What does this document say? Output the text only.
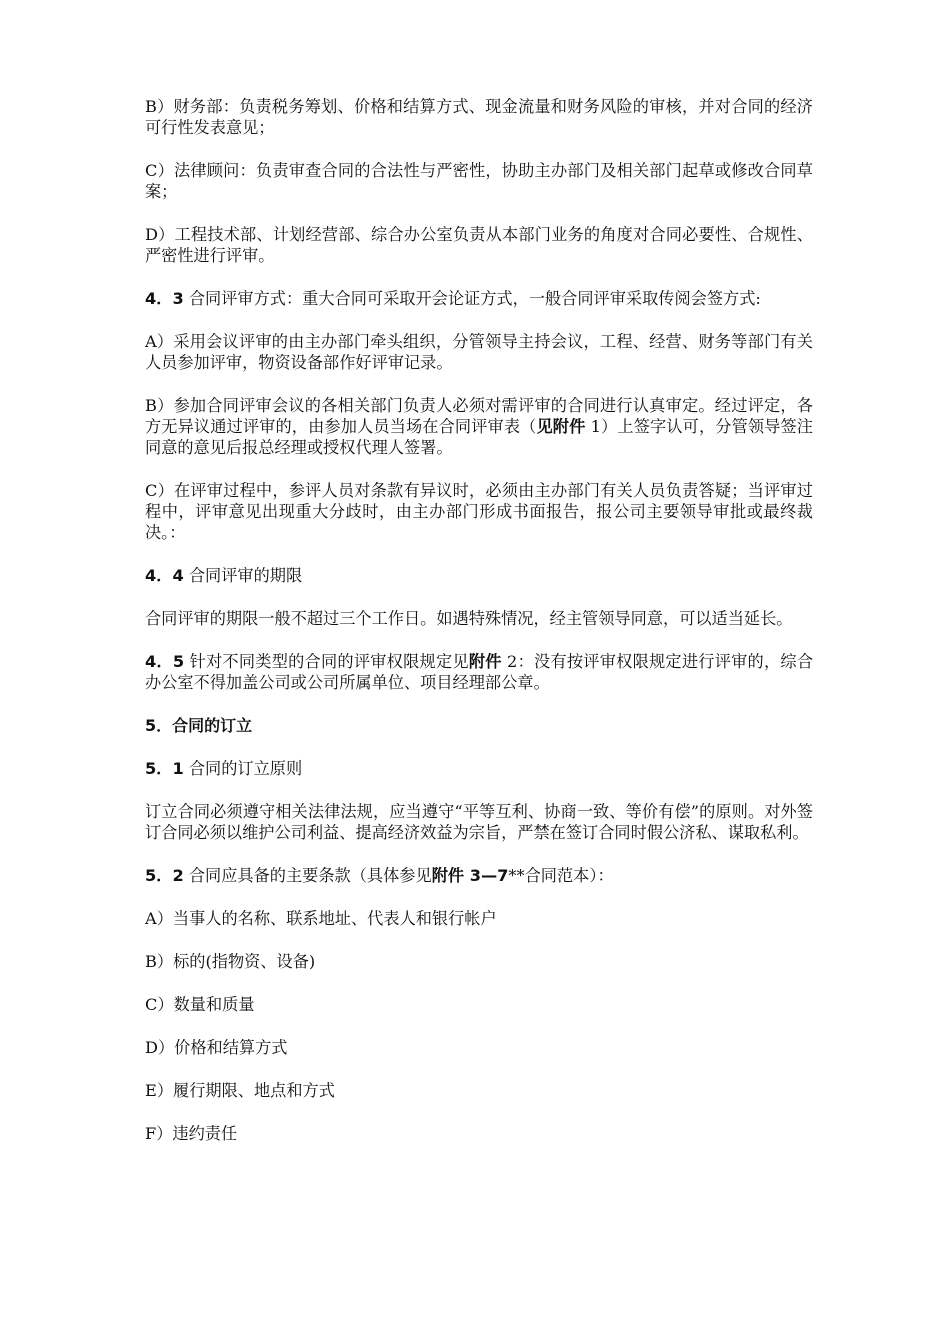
B）财务部：负责税务筹划、价格和结算方式、现金流量和财务风险的审核，并对合同的经济可行性发表意见；

C）法律顾问：负责审查合同的合法性与严密性，协助主办部门及相关部门起草或修改合同草案；

D）工程技术部、计划经营部、综合办公室负责从本部门业务的角度对合同必要性、合规性、严密性进行评审。

4．3 合同评审方式：重大合同可采取开会论证方式，一般合同评审采取传阅会签方式:

A）采用会议评审的由主办部门牵头组织，分管领导主持会议，工程、经营、财务等部门有关人员参加评审，物资设备部作好评审记录。

B）参加合同评审会议的各相关部门负责人必须对需评审的合同进行认真审定。经过评定，各方无异议通过评审的，由参加人员当场在合同评审表（见附件 1）上签字认可，分管领导签注同意的意见后报总经理或授权代理人签署。

C）在评审过程中，参评人员对条款有异议时，必须由主办部门有关人员负责答疑；当评审过程中，评审意见出现重大分歧时，由主办部门形成书面报告，报公司主要领导审批或最终裁决。：

4．4 合同评审的期限

合同评审的期限一般不超过三个工作日。如遇特殊情况，经主管领导同意，可以适当延长。

4．5 针对不同类型的合同的评审权限规定见附件 2：没有按评审权限规定进行评审的，综合办公室不得加盖公司或公司所属单位、项目经理部公章。

5．合同的订立

5．1 合同的订立原则

订立合同必须遵守相关法律法规，应当遵守“平等互利、协商一致、等价有偿”的原则。对外签订合同必须以维护公司利益、提高经济效益为宗旨，严禁在签订合同时假公济私、谋取私利。

5．2 合同应具备的主要条款（具体参见附件 3—7**合同范本）：

A）当事人的名称、联系地址、代表人和银行帐户

B）标的(指物资、设备)

C）数量和质量

D）价格和结算方式

E）履行期限、地点和方式

F）违约责任
